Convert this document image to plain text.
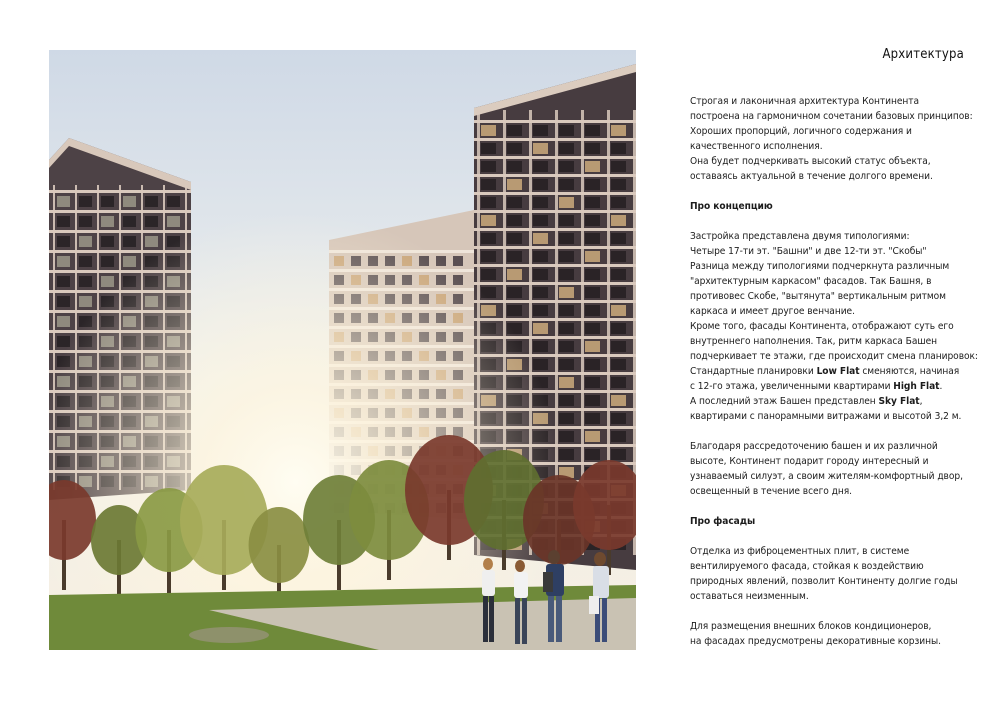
Архитектура

Строгая и лаконичная архитектура Континента

построена на гармоничном сочетании базовых принципов:

Хороших пропорций, логичного содержания и

качественного исполнения.

Она будет подчеркивать высокий статус объекта,

оставаясь актуальной в течение долгого времени.

Про концепцию

Застройка представлена двумя типологиями:

Четыре 17-ти эт. "Башни" и две 12-ти эт. "Скобы"

Разница между типологиями подчеркнута различным

"архитектурным каркасом" фасадов. Так Башня, в

противовес Скобе, "вытянута" вертикальным ритмом

каркаса и имеет другое венчание.

Кроме того, фасады Континента, отображают суть его

внутреннего наполнения. Так, ритм каркаса Башен

подчеркивает те этажи, где происходит смена планировок:

Стандартные планировки Low Flat сменяются, начиная

с 12-го этажа, увеличенными квартирами High Flat.

А последний этаж Башен представлен Sky Flat,

квартирами с панорамными витражами и высотой 3,2 м.

Благодаря рассредоточению башен и их различной

высоте, Континент подарит городу интересный и

узнаваемый силуэт, а своим жителям-комфортный двор,

освещенный в течение всего дня.

Про фасады

Отделка из фиброцементных плит, в системе

вентилируемого фасада, стойкая к воздействию

природных явлений, позволит Континенту долгие годы

оставаться неизменным.

Для размещения внешних блоков кондиционеров,

на фасадах предусмотрены декоративные корзины.
